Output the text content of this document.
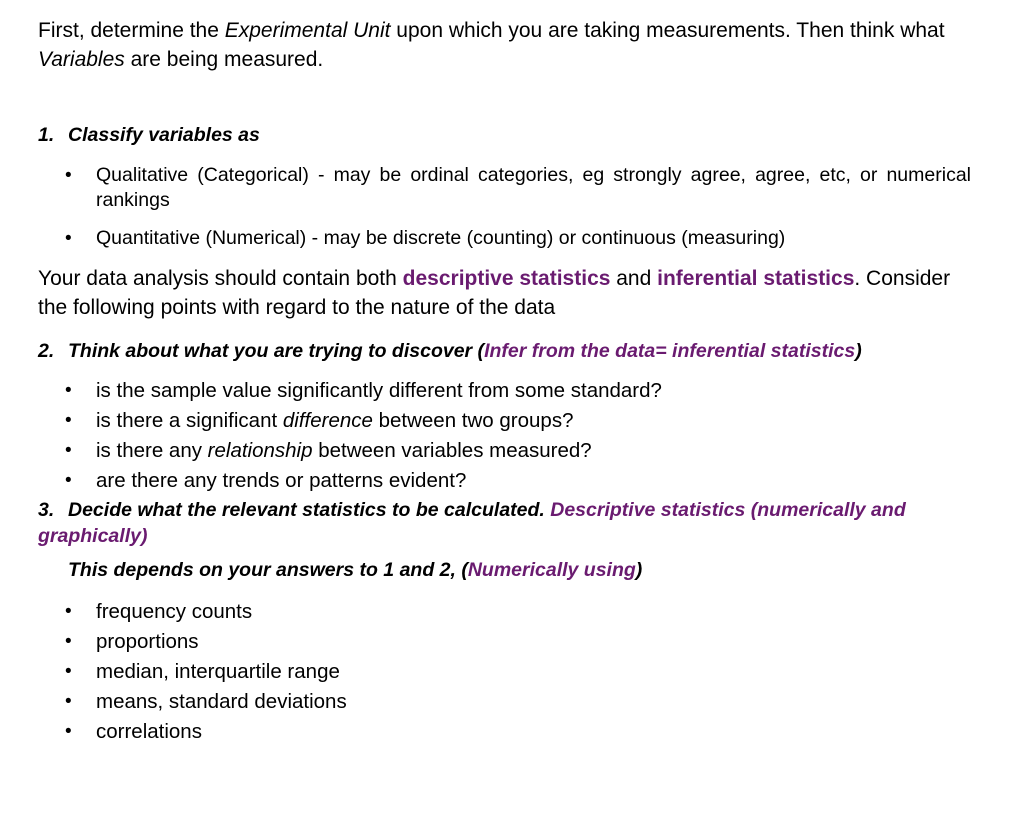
First, determine the Experimental Unit upon which you are taking measurements. Then think what Variables are being measured.

1. Classify variables as

• Qualitative (Categorical) - may be ordinal categories, eg strongly agree, agree, etc, or numerical rankings
• Quantitative (Numerical) - may be discrete (counting) or continuous (measuring)

Your data analysis should contain both descriptive statistics and inferential statistics. Consider the following points with regard to the nature of the data

2. Think about what you are trying to discover (Infer from the data= inferential statistics)

• is the sample value significantly different from some standard?
• is there a significant difference between two groups?
• is there any relationship between variables measured?
• are there any trends or patterns evident?

3. Decide what the relevant statistics to be calculated. Descriptive statistics (numerically and graphically)

This depends on your answers to 1 and 2, (Numerically using)

• frequency counts
• proportions
• median, interquartile range
• means, standard deviations
• correlations
